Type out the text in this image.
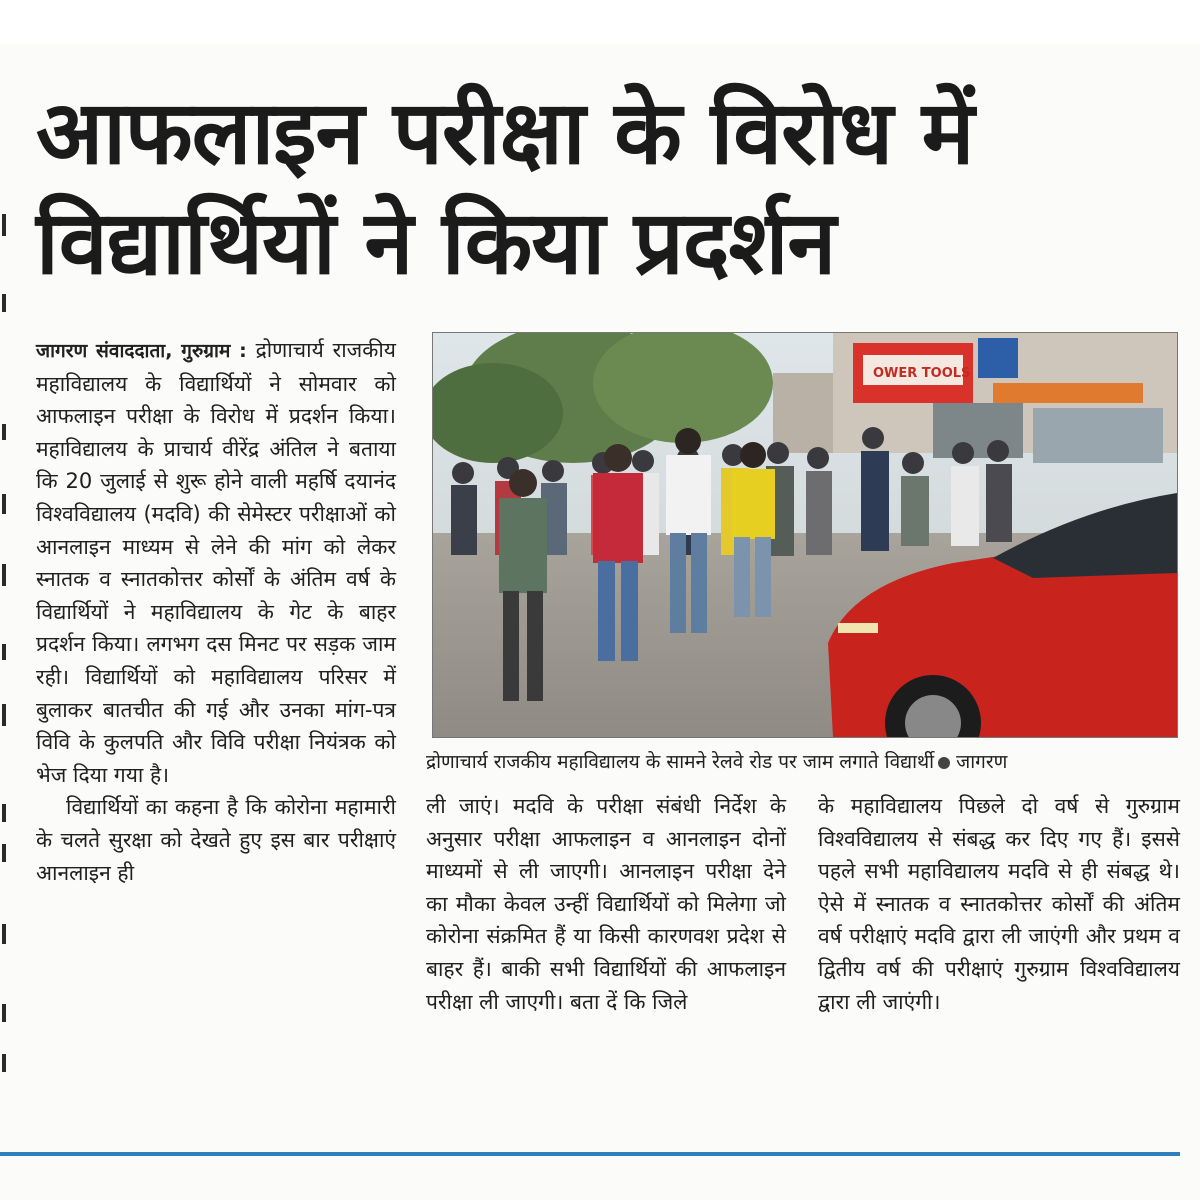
आफलाइन परीक्षा के विरोध में विद्यार्थियों ने किया प्रदर्शन
जागरण संवाददाता, गुरुग्राम : द्रोणाचार्य राजकीय महाविद्यालय के विद्यार्थियों ने सोमवार को आफलाइन परीक्षा के विरोध में प्रदर्शन किया। महाविद्यालय के प्राचार्य वीरेंद्र अंतिल ने बताया कि 20 जुलाई से शुरू होने वाली महर्षि दयानंद विश्वविद्यालय (मदवि) की सेमेस्टर परीक्षाओं को आनलाइन माध्यम से लेने की मांग को लेकर स्नातक व स्नातकोत्तर कोर्सों के अंतिम वर्ष के विद्यार्थियों ने महाविद्यालय के गेट के बाहर प्रदर्शन किया। लगभग दस मिनट पर सड़क जाम रही। विद्यार्थियों को महाविद्यालय परिसर में बुलाकर बातचीत की गई और उनका मांग-पत्र विवि के कुलपति और विवि परीक्षा नियंत्रक को भेज दिया गया है।
विद्यार्थियों का कहना है कि कोरोना महामारी के चलते सुरक्षा को देखते हुए इस बार परीक्षाएं आनलाइन ही
OWER TOOLS

द्रोणाचार्य राजकीय महाविद्यालय के सामने रेलवे रोड पर जाम लगाते विद्यार्थी जागरण

ली जाएं। मदवि के परीक्षा संबंधी निर्देश के अनुसार परीक्षा आफलाइन व आनलाइन दोनों माध्यमों से ली जाएगी। आनलाइन परीक्षा देने का मौका केवल उन्हीं विद्यार्थियों को मिलेगा जो कोरोना संक्रमित हैं या किसी कारणवश प्रदेश से बाहर हैं। बाकी सभी विद्यार्थियों की आफलाइन परीक्षा ली जाएगी। बता दें कि जिले

के महाविद्यालय पिछले दो वर्ष से गुरुग्राम विश्वविद्यालय से संबद्ध कर दिए गए हैं। इससे पहले सभी महाविद्यालय मदवि से ही संबद्ध थे। ऐसे में स्नातक व स्नातकोत्तर कोर्सों की अंतिम वर्ष परीक्षाएं मदवि द्वारा ली जाएंगी और प्रथम व द्वितीय वर्ष की परीक्षाएं गुरुग्राम विश्वविद्यालय द्वारा ली जाएंगी।
